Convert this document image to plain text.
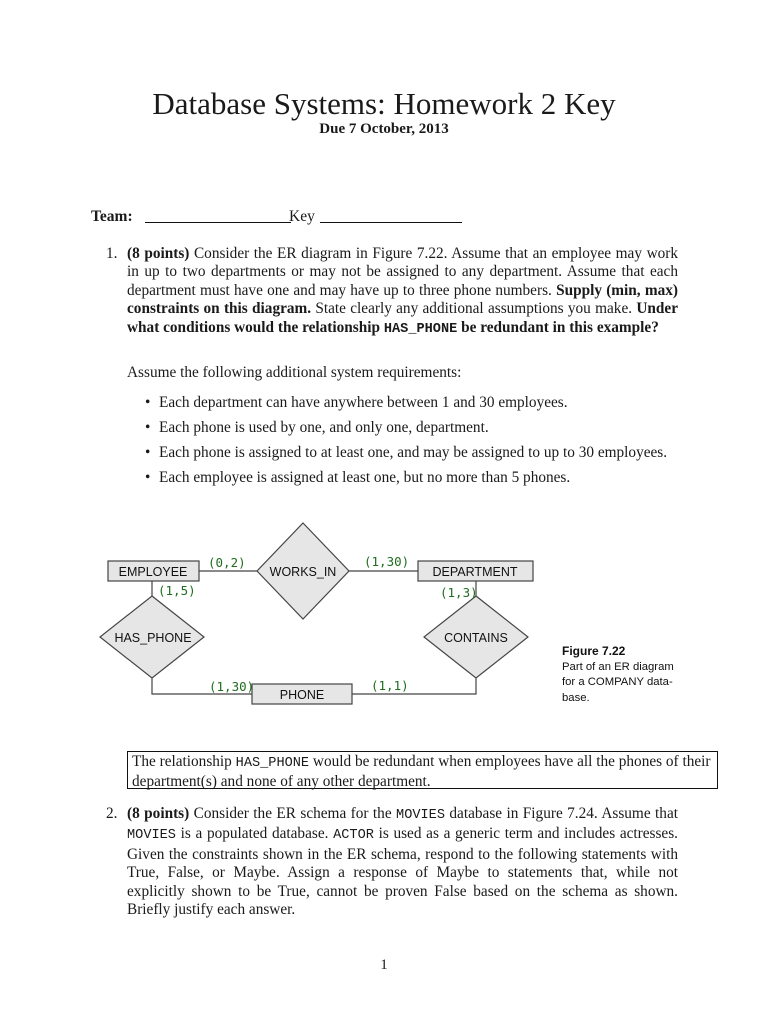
Database Systems: Homework 2 Key
Due 7 October, 2013
Team:	Key
1. (8 points) Consider the ER diagram in Figure 7.22. Assume that an employee may work in up to two departments or may not be assigned to any department. Assume that each department must have one and may have up to three phone numbers. Supply (min, max) constraints on this diagram. State clearly any additional assumptions you make. Under what conditions would the relationship HAS_PHONE be redundant in this example?
Assume the following additional system requirements:
• Each department can have anywhere between 1 and 30 employees.
• Each phone is used by one, and only one, department.
• Each phone is assigned to at least one, and may be assigned to up to 30 employees.
• Each employee is assigned at least one, but no more than 5 phones.
WORKS_IN
HAS_PHONE	CONTAINS
EMPLOYEE	DEPARTMENT
PHONE
(0,2)	(1,30)
(1,5)	(1,3)
(1,30)	(1,1)
Figure 7.22
Part of an ER diagram
for a COMPANY data-
base.
The relationship HAS_PHONE would be redundant when employees have all the phones of their department(s) and none of any other department.
2. (8 points) Consider the ER schema for the MOVIES database in Figure 7.24. Assume that MOVIES is a populated database. ACTOR is used as a generic term and includes actresses. Given the constraints shown in the ER schema, respond to the following statements with True, False, or Maybe. Assign a response of Maybe to statements that, while not explicitly shown to be True, cannot be proven False based on the schema as shown. Briefly justify each answer.
1
